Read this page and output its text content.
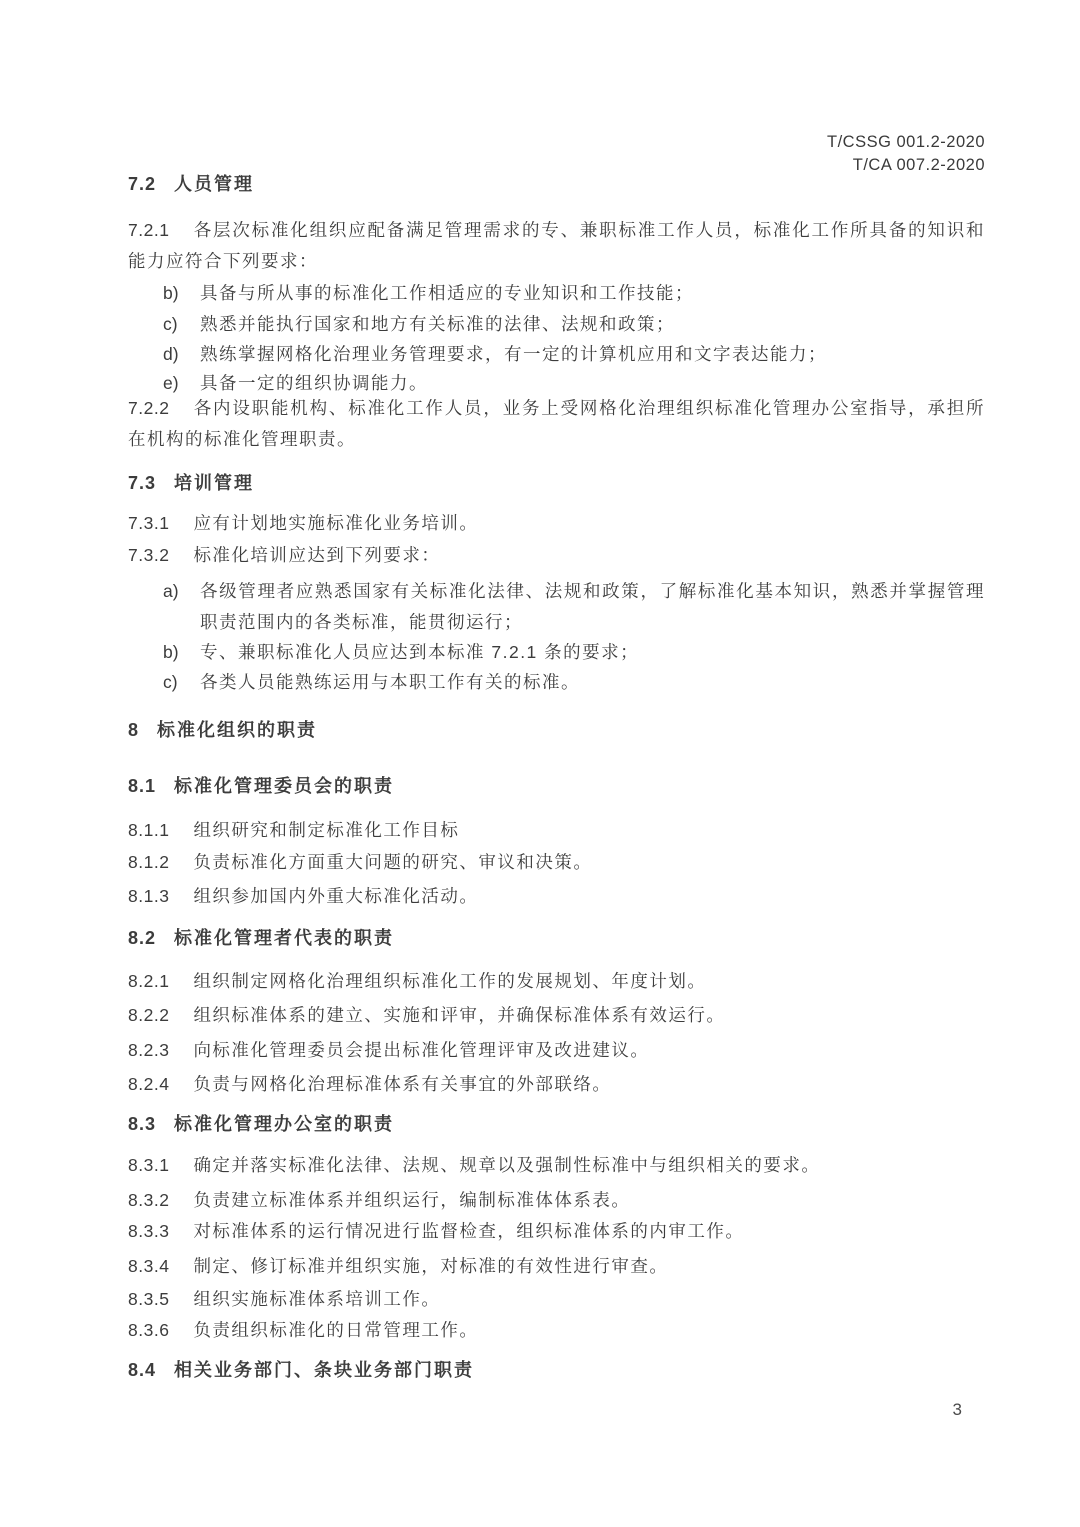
T/CSSG 001.2-2020
T/CA 007.2-2020
7.2 人员管理
7.2.1 各层次标准化组织应配备满足管理需求的专、兼职标准工作人员，标准化工作所具备的知识和能力应符合下列要求：
b) 具备与所从事的标准化工作相适应的专业知识和工作技能；
c) 熟悉并能执行国家和地方有关标准的法律、法规和政策；
d) 熟练掌握网格化治理业务管理要求，有一定的计算机应用和文字表达能力；
e) 具备一定的组织协调能力。
7.2.2 各内设职能机构、标准化工作人员，业务上受网格化治理组织标准化管理办公室指导，承担所在机构的标准化管理职责。
7.3 培训管理
7.3.1 应有计划地实施标准化业务培训。
7.3.2 标准化培训应达到下列要求：
a) 各级管理者应熟悉国家有关标准化法律、法规和政策，了解标准化基本知识，熟悉并掌握管理职责范围内的各类标准，能贯彻运行；
b) 专、兼职标准化人员应达到本标准 7.2.1 条的要求；
c) 各类人员能熟练运用与本职工作有关的标准。
8 标准化组织的职责
8.1 标准化管理委员会的职责
8.1.1 组织研究和制定标准化工作目标
8.1.2 负责标准化方面重大问题的研究、审议和决策。
8.1.3 组织参加国内外重大标准化活动。
8.2 标准化管理者代表的职责
8.2.1 组织制定网格化治理组织标准化工作的发展规划、年度计划。
8.2.2 组织标准体系的建立、实施和评审，并确保标准体系有效运行。
8.2.3 向标准化管理委员会提出标准化管理评审及改进建议。
8.2.4 负责与网格化治理标准体系有关事宜的外部联络。
8.3 标准化管理办公室的职责
8.3.1 确定并落实标准化法律、法规、规章以及强制性标准中与组织相关的要求。
8.3.2 负责建立标准体系并组织运行，编制标准体体系表。
8.3.3 对标准体系的运行情况进行监督检查，组织标准体系的内审工作。
8.3.4 制定、修订标准并组织实施，对标准的有效性进行审查。
8.3.5 组织实施标准体系培训工作。
8.3.6 负责组织标准化的日常管理工作。
8.4 相关业务部门、条块业务部门职责
3
